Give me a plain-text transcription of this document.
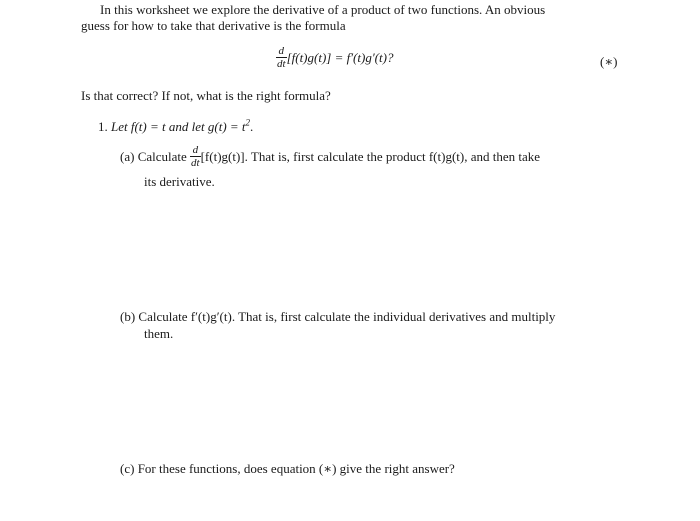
In this worksheet we explore the derivative of a product of two functions. An obvious
guess for how to take that derivative is the formula
$\frac{d}{dt} [f(t)g(t)] = f'(t)g'(t)$?	(∗)
Is that correct? If not, what is the right formula?
1. Let f(t) = t and let $g(t) = t^2$.
(a) Calculate $\frac{d}{dt} [f(t)g(t)]$. That is, first calculate the product f(t)g(t), and then take
its derivative.
(b) Calculate f′(t)g′(t). That is, first calculate the individual derivatives and multiply
them.
(c) For these functions, does equation (∗) give the right answer?
